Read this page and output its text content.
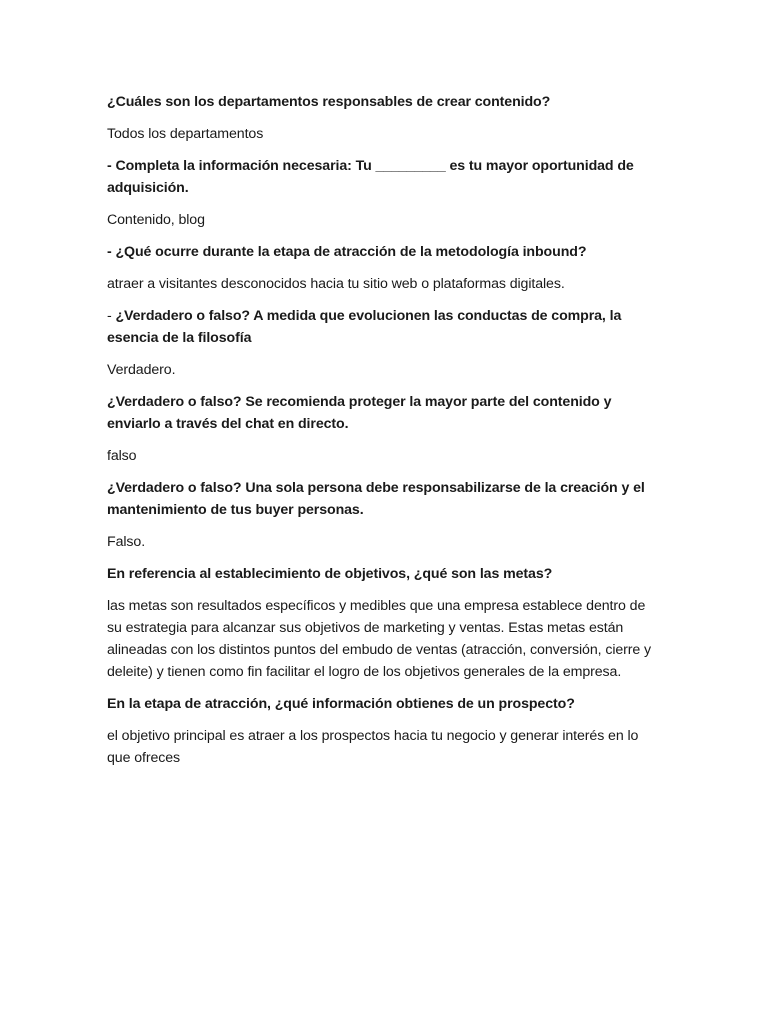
¿Cuáles son los departamentos responsables de crear contenido?

Todos los departamentos

- Completa la información necesaria: Tu _________ es tu mayor oportunidad de adquisición.

Contenido, blog

- ¿Qué ocurre durante la etapa de atracción de la metodología inbound?

atraer a visitantes desconocidos hacia tu sitio web o plataformas digitales.

- ¿Verdadero o falso? A medida que evolucionen las conductas de compra, la esencia de la filosofía

Verdadero.

¿Verdadero o falso? Se recomienda proteger la mayor parte del contenido y enviarlo a través del chat en directo.

falso

¿Verdadero o falso? Una sola persona debe responsabilizarse de la creación y el mantenimiento de tus buyer personas.

Falso.

En referencia al establecimiento de objetivos, ¿qué son las metas?

las metas son resultados específicos y medibles que una empresa establece dentro de su estrategia para alcanzar sus objetivos de marketing y ventas. Estas metas están alineadas con los distintos puntos del embudo de ventas (atracción, conversión, cierre y deleite) y tienen como fin facilitar el logro de los objetivos generales de la empresa.

En la etapa de atracción, ¿qué información obtienes de un prospecto?

el objetivo principal es atraer a los prospectos hacia tu negocio y generar interés en lo que ofreces
